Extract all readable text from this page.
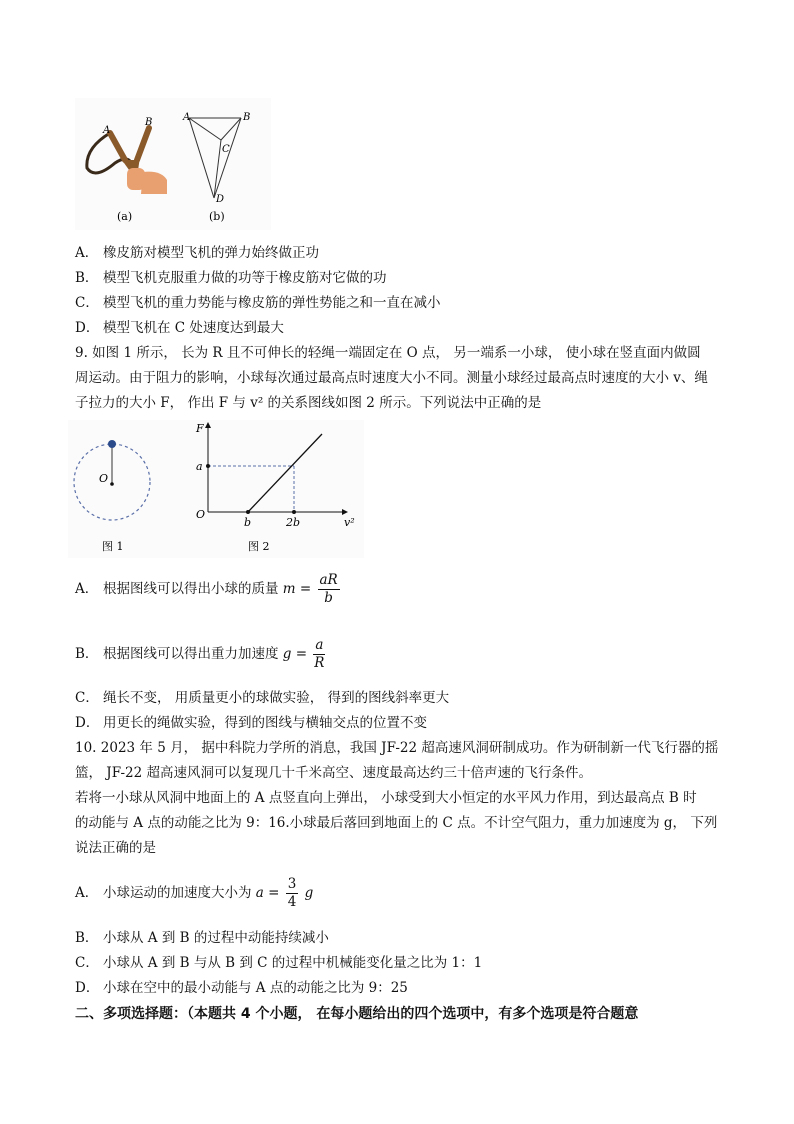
A
B
(a)
A	B
C
D
(b)
A． 橡皮筋对模型飞机的弹力始终做正功
B． 模型飞机克服重力做的功等于橡皮筋对它做的功
C． 模型飞机的重力势能与橡皮筋的弹性势能之和一直在减小
D． 模型飞机在 C 处速度达到最大
9. 如图 1 所示， 长为 R 且不可伸长的轻绳一端固定在 O 点， 另一端系一小球， 使小球在竖直面内做圆
周运动。由于阻力的影响，小球每次通过最高点时速度大小不同。测量小球经过最高点时速度的大小 v、绳
子拉力的大小 F， 作出 F 与 v² 的关系图线如图 2 所示。下列说法中正确的是
O
图 1
F
a
O
b	2b	v²
图 2
A． 根据图线可以得出小球的质量 $m = \frac{aR}{b}$
B． 根据图线可以得出重力加速度 $g = \frac{a}{R}$
C． 绳长不变， 用质量更小的球做实验， 得到的图线斜率更大
D． 用更长的绳做实验，得到的图线与横轴交点的位置不变
10. 2023 年 5 月， 据中科院力学所的消息，我国 JF-22 超高速风洞研制成功。作为研制新一代飞行器的摇
篮， JF-22 超高速风洞可以复现几十千米高空、速度最高达约三十倍声速的飞行条件。
若将一小球从风洞中地面上的 A 点竖直向上弹出， 小球受到大小恒定的水平风力作用，到达最高点 B 时
的动能与 A 点的动能之比为 9：16.小球最后落回到地面上的 C 点。不计空气阻力，重力加速度为 g， 下列
说法正确的是
A． 小球运动的加速度大小为 $a = \frac{3}{4}$ g
B． 小球从 A 到 B 的过程中动能持续减小
C． 小球从 A 到 B 与从 B 到 C 的过程中机械能变化量之比为 1：1
D． 小球在空中的最小动能与 A 点的动能之比为 9：25
二、多项选择题：（本题共 4 个小题， 在每小题给出的四个选项中，有多个选项是符合题意
